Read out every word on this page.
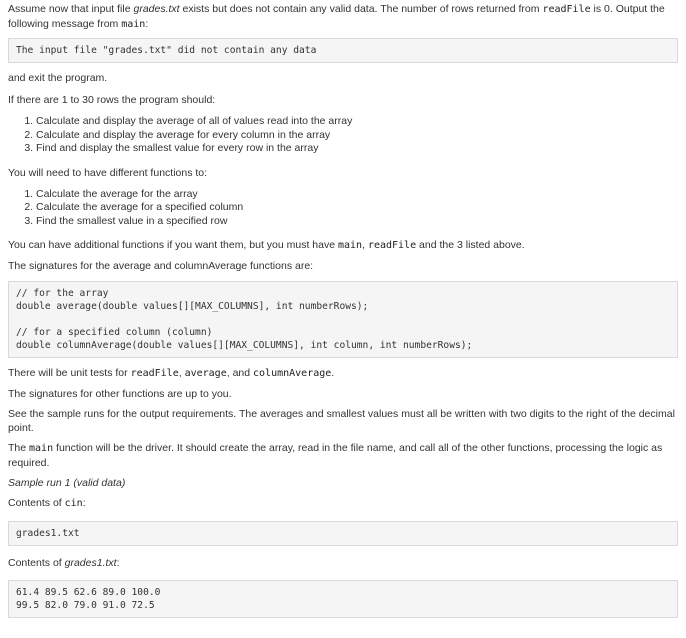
Assume now that input file grades.txt exists but does not contain any valid data. The number of rows returned from readFile is 0. Output the following message from main:

The input file "grades.txt" did not contain any data

and exit the program.

If there are 1 to 30 rows the program should:

1. Calculate and display the average of all of values read into the array
2. Calculate and display the average for every column in the array
3. Find and display the smallest value for every row in the array

You will need to have different functions to:

1. Calculate the average for the array
2. Calculate the average for a specified column
3. Find the smallest value in a specified row

You can have additional functions if you want them, but you must have main, readFile and the 3 listed above.

The signatures for the average and columnAverage functions are:

// for the array
double average(double values[][MAX_COLUMNS], int numberRows);

// for a specified column (column)
double columnAverage(double values[][MAX_COLUMNS], int column, int numberRows);

There will be unit tests for readFile, average, and columnAverage.

The signatures for other functions are up to you.

See the sample runs for the output requirements. The averages and smallest values must all be written with two digits to the right of the decimal point.

The main function will be the driver. It should create the array, read in the file name, and call all of the other functions, processing the logic as required.

Sample run 1 (valid data)

Contents of cin:

grades1.txt

Contents of grades1.txt:

61.4 89.5 62.6 89.0 100.0
99.5 82.0 79.0 91.0 72.5
